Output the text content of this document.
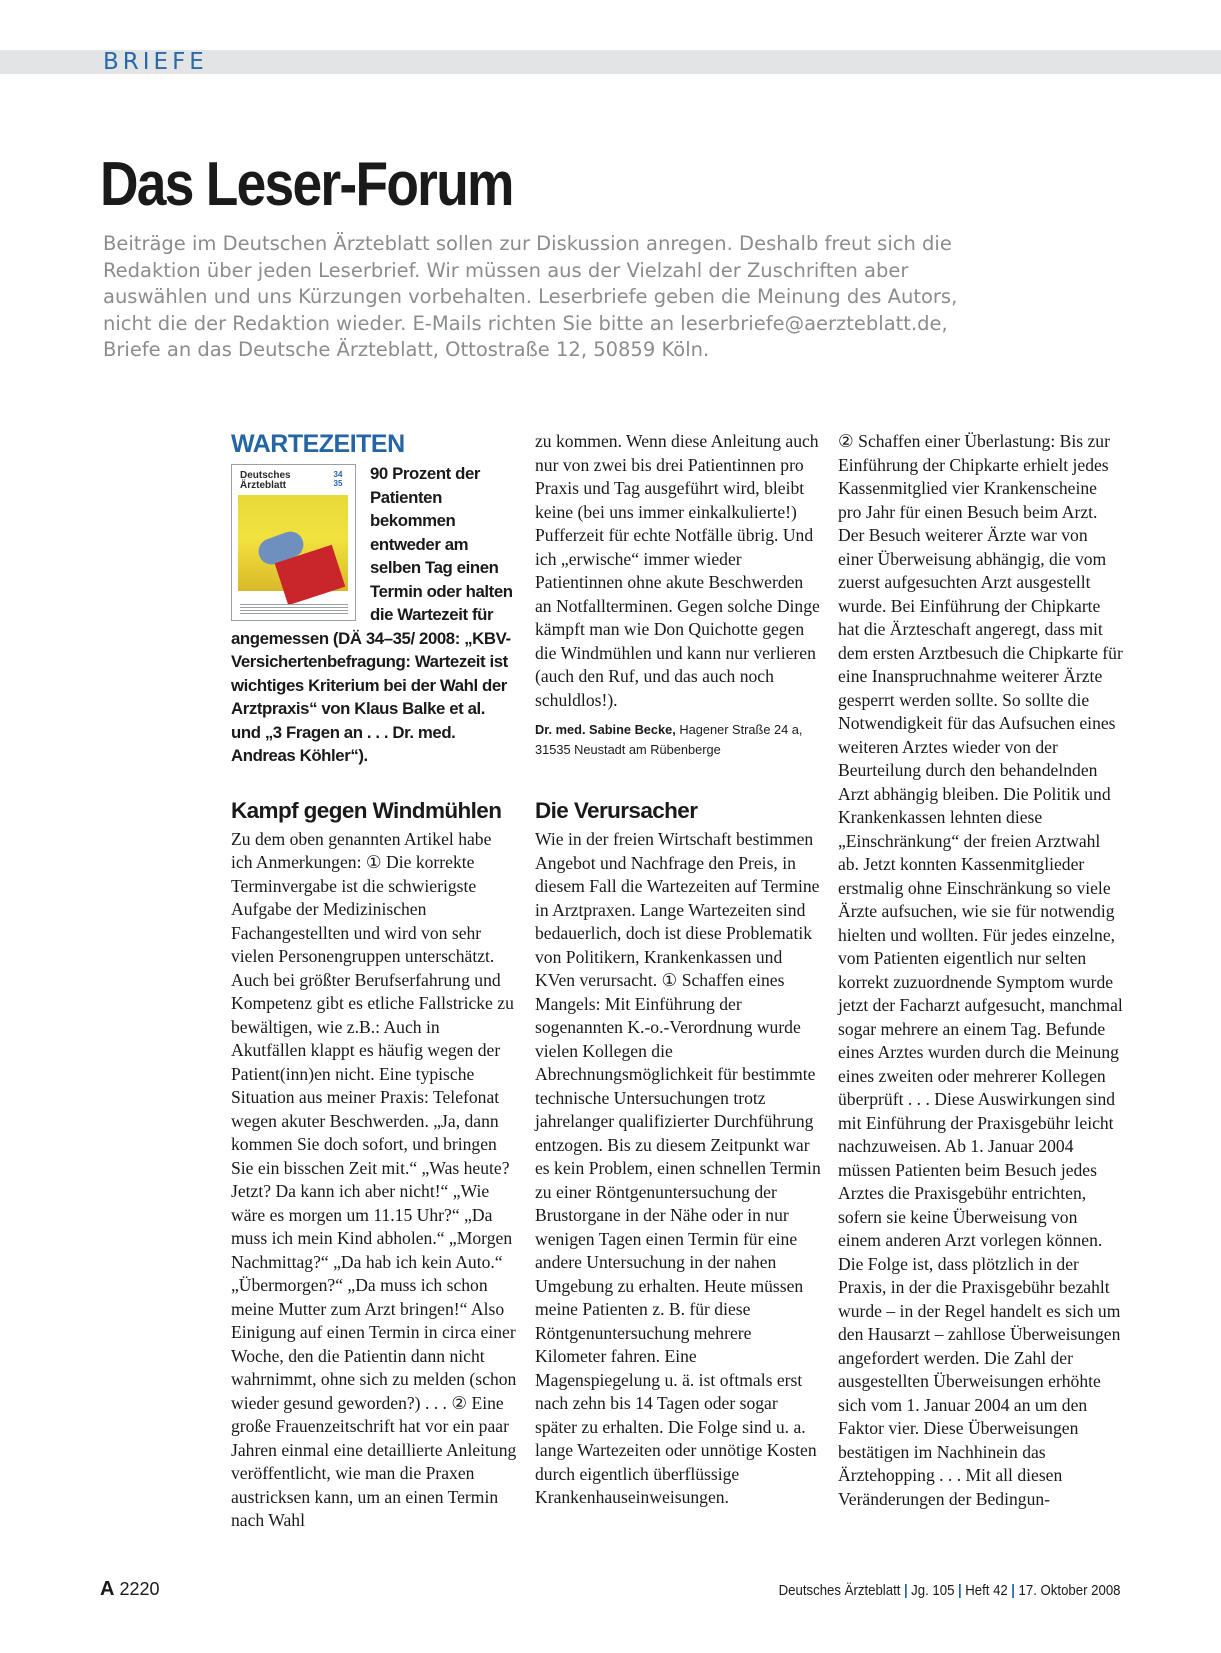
BRIEFE
Das Leser-Forum

Beiträge im Deutschen Ärzteblatt sollen zur Diskussion anregen. Deshalb freut sich die Redaktion über jeden Leserbrief. Wir müssen aus der Vielzahl der Zuschriften aber auswählen und uns Kürzungen vorbehalten. Leserbriefe geben die Meinung des Autors, nicht die der Redaktion wieder. E-Mails richten Sie bitte an leserbriefe@aerzteblatt.de, Briefe an das Deutsche Ärzteblatt, Ottostraße 12, 50859 Köln.

WARTEZEITEN
Deutsches Ärzteblatt
34
35

90 Prozent der Patienten bekommen entweder am selben Tag einen Termin oder halten die Wartezeit für angemessen (DÄ 34–35/ 2008: „KBV-Versichertenbefragung: Wartezeit ist wichtiges Kriterium bei der Wahl der Arztpraxis“ von Klaus Balke et al. und „3 Fragen an . . . Dr. med. Andreas Köhler“).

Kampf gegen Windmühlen

Zu dem oben genannten Artikel habe ich Anmerkungen: ① Die korrekte Terminvergabe ist die schwierigste Aufgabe der Medizinischen Fachangestellten und wird von sehr vielen Personengruppen unterschätzt. Auch bei größter Berufserfahrung und Kompetenz gibt es etliche Fallstricke zu bewältigen, wie z.B.: Auch in Akutfällen klappt es häufig wegen der Patient(inn)en nicht. Eine typische Situation aus meiner Praxis: Telefonat wegen akuter Beschwerden. „Ja, dann kommen Sie doch sofort, und bringen Sie ein bisschen Zeit mit.“ „Was heute? Jetzt? Da kann ich aber nicht!“ „Wie wäre es morgen um 11.15 Uhr?“ „Da muss ich mein Kind abholen.“ „Morgen Nachmittag?“ „Da hab ich kein Auto.“ „Übermorgen?“ „Da muss ich schon meine Mutter zum Arzt bringen!“ Also Einigung auf einen Termin in circa einer Woche, den die Patientin dann nicht wahrnimmt, ohne sich zu melden (schon wieder gesund geworden?) . . . ② Eine große Frauenzeitschrift hat vor ein paar Jahren einmal eine detaillierte Anleitung veröffentlicht, wie man die Praxen austricksen kann, um an einen Termin nach Wahl

zu kommen. Wenn diese Anleitung auch nur von zwei bis drei Patientinnen pro Praxis und Tag ausgeführt wird, bleibt keine (bei uns immer einkalkulierte!) Pufferzeit für echte Notfälle übrig. Und ich „erwische“ immer wieder Patientinnen ohne akute Beschwerden an Notfallterminen. Gegen solche Dinge kämpft man wie Don Quichotte gegen die Windmühlen und kann nur verlieren (auch den Ruf, und das auch noch schuldlos!).

Dr. med. Sabine Becke, Hagener Straße 24 a, 31535 Neustadt am Rübenberge
Die Verursacher

Wie in der freien Wirtschaft bestimmen Angebot und Nachfrage den Preis, in diesem Fall die Wartezeiten auf Termine in Arztpraxen. Lange Wartezeiten sind bedauerlich, doch ist diese Problematik von Politikern, Krankenkassen und KVen verursacht. ① Schaffen eines Mangels: Mit Einführung der sogenannten K.-o.-Verordnung wurde vielen Kollegen die Abrechnungsmöglichkeit für bestimmte technische Untersuchungen trotz jahrelanger qualifizierter Durchführung entzogen. Bis zu diesem Zeitpunkt war es kein Problem, einen schnellen Termin zu einer Röntgenuntersuchung der Brustorgane in der Nähe oder in nur wenigen Tagen einen Termin für eine andere Untersuchung in der nahen Umgebung zu erhalten. Heute müssen meine Patienten z. B. für diese Röntgenuntersuchung mehrere Kilometer fahren. Eine Magenspiegelung u. ä. ist oftmals erst nach zehn bis 14 Tagen oder sogar später zu erhalten. Die Folge sind u. a. lange Wartezeiten oder unnötige Kosten durch eigentlich überflüssige Krankenhauseinweisungen.

② Schaffen einer Überlastung: Bis zur Einführung der Chipkarte erhielt jedes Kassenmitglied vier Krankenscheine pro Jahr für einen Besuch beim Arzt. Der Besuch weiterer Ärzte war von einer Überweisung abhängig, die vom zuerst aufgesuchten Arzt ausgestellt wurde. Bei Einführung der Chipkarte hat die Ärzteschaft angeregt, dass mit dem ersten Arztbesuch die Chipkarte für eine Inanspruchnahme weiterer Ärzte gesperrt werden sollte. So sollte die Notwendigkeit für das Aufsuchen eines weiteren Arztes wieder von der Beurteilung durch den behandelnden Arzt abhängig bleiben. Die Politik und Krankenkassen lehnten diese „Einschränkung“ der freien Arztwahl ab. Jetzt konnten Kassenmitglieder erstmalig ohne Einschränkung so viele Ärzte aufsuchen, wie sie für notwendig hielten und wollten. Für jedes einzelne, vom Patienten eigentlich nur selten korrekt zuzuordnende Symptom wurde jetzt der Facharzt aufgesucht, manchmal sogar mehrere an einem Tag. Befunde eines Arztes wurden durch die Meinung eines zweiten oder mehrerer Kollegen überprüft . . . Diese Auswirkungen sind mit Einführung der Praxisgebühr leicht nachzuweisen. Ab 1. Januar 2004 müssen Patienten beim Besuch jedes Arztes die Praxisgebühr entrichten, sofern sie keine Überweisung von einem anderen Arzt vorlegen können. Die Folge ist, dass plötzlich in der Praxis, in der die Praxisgebühr bezahlt wurde – in der Regel handelt es sich um den Hausarzt – zahllose Überweisungen angefordert werden. Die Zahl der ausgestellten Überweisungen erhöhte sich vom 1. Januar 2004 an um den Faktor vier. Diese Überweisungen bestätigen im Nachhinein das Ärztehopping . . . Mit all diesen Veränderungen der Bedingun-

A 2220	Deutsches Ärzteblatt | Jg. 105 | Heft 42 | 17. Oktober 2008
